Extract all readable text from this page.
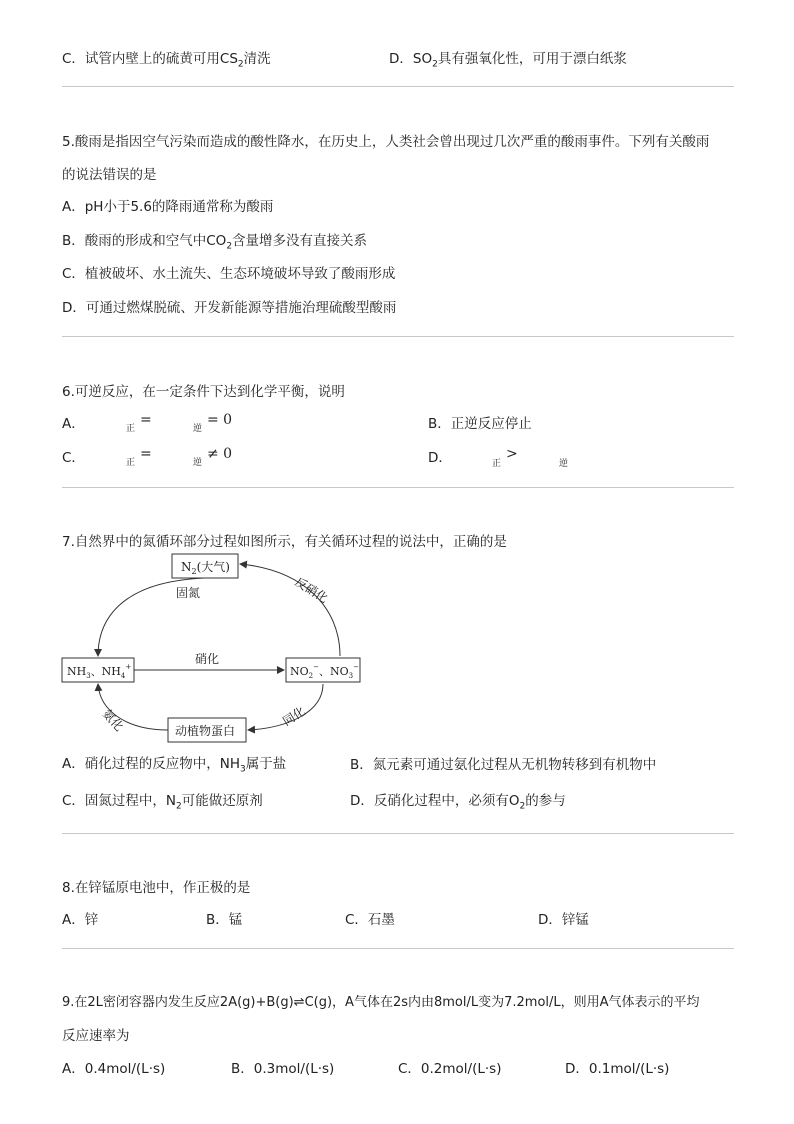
C．试管内壁上的硫黄可用$CS_2$清洗	D．$SO_2$具有强氧化性，可用于漂白纸浆
5.酸雨是指因空气污染而造成的酸性降水，在历史上，人类社会曾出现过几次严重的酸雨事件。下列有关酸雨
的说法错误的是
A．pH小于5.6的降雨通常称为酸雨
B．酸雨的形成和空气中$CO_2$含量增多没有直接关系
C．植被破坏、水土流失、生态环境破坏导致了酸雨形成
D．可通过燃煤脱硫、开发新能源等措施治理硫酸型酸雨
6.可逆反应，在一定条件下达到化学平衡，说明
A．	正
=
逆
= 0	B．正逆反应停止
C．	正
=
逆
≠ 0	D．	正
>
逆
7.自然界中的氮循环部分过程如图所示，有关循环过程的说法中，正确的是
$N_2$(大气)
$NH_3$、$NH_4^+$	$NO_2^-$、$NO_3^-$
动植物蛋白
固氮	反硝化
硝化
氨化	同化
A．硝化过程的反应物中，$NH_3$属于盐	B．氮元素可通过氨化过程从无机物转移到有机物中
C．固氮过程中，$N_2$可能做还原剂	D．反硝化过程中，必须有$O_2$的参与
8.在锌锰原电池中，作正极的是
A．锌	B．锰	C．石墨	D．锌锰
9.在2L密闭容器内发生反应2A(g)+B(g)⇌C(g)，A气体在2s内由8mol/L变为7.2mol/L，则用A气体表示的平均
反应速率为
A．0.4mol/(L·s)	B．0.3mol/(L·s)	C．0.2mol/(L·s)	D．0.1mol/(L·s)
